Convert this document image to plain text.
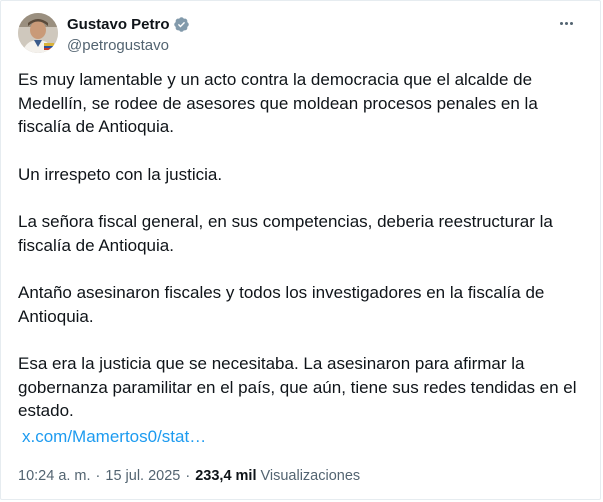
Gustavo Petro
@petrogustavo

Es muy lamentable y un acto contra la democracia que el alcalde de Medellín, se rodee de asesores que moldean procesos penales en la fiscalía de Antioquia.

Un irrespeto con la justicia.

La señora fiscal general, en sus competencias, deberia reestructurar la fiscalía de Antioquia.

Antaño asesinaron fiscales y todos los investigadores en la fiscalía de Antioquia.

Esa era la justicia que se necesitaba. La asesinaron para afirmar la gobernanza paramilitar en el país, que aún, tiene sus redes tendidas en el estado.

x.com/Mamertos0/stat…
10:24 a. m. · 15 jul. 2025 · 233,4 mil Visualizaciones
